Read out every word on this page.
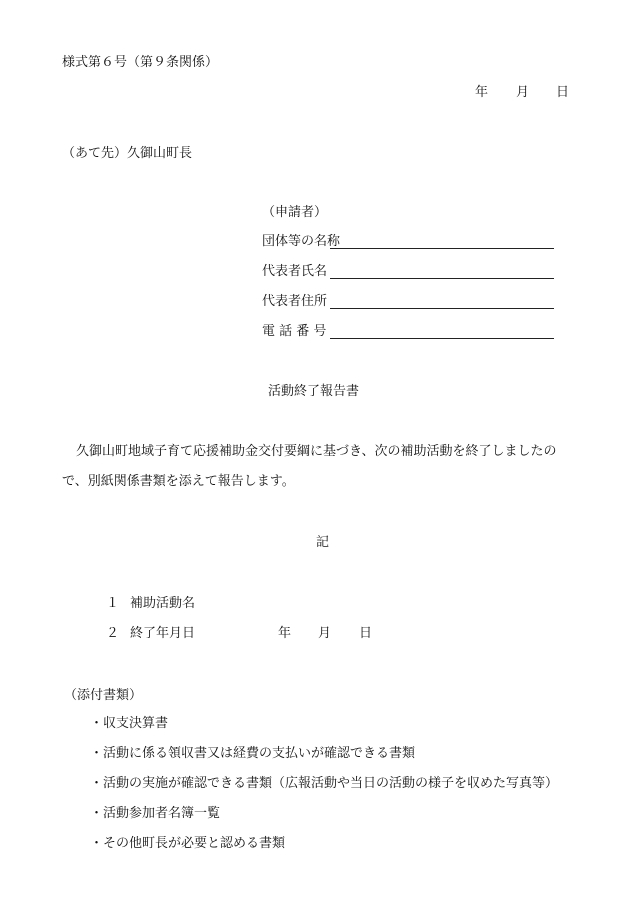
様式第６号（第９条関係）
年 月 日
（あて先）久御山町長
（申請者）
団体等の名称
代表者氏名
代表者住所
電 話 番 号
活動終了報告書
久御山町地域子育て応援補助金交付要綱に基づき、次の補助活動を終了しましたの
で、別紙関係書類を添えて報告します。
記
１ 補助活動名
２ 終了年月日	年 月 日
（添付書類）
・収支決算書
・活動に係る領収書又は経費の支払いが確認できる書類
・活動の実施が確認できる書類（広報活動や当日の活動の様子を収めた写真等）
・活動参加者名簿一覧
・その他町長が必要と認める書類
